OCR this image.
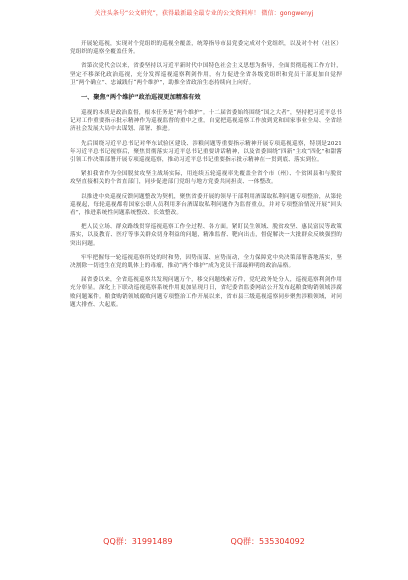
关注头条号“公文研究”，获得最新最全最专业的公文资料库！ 微信：gongwenyj

开展轮巡视，实现对个党组织的巡视全覆盖，统筹指导市县党委完成对个党组织，以及对个村（社区）党组织的巡察全覆盖任务。

省第次党代会以来，省委坚持以习近平新时代中国特色社会主义思想为指导，全面贯彻巡视工作方针，坚定不移深化政治巡视，充分发挥巡视巡察利剑作用，有力促进全省各级党组织和党员干部更加自觉捍卫“两个确立”、忠诚践行“两个维护”，助推全省政治生态持续向上向好。

一、聚焦“两个维护”政治巡视更加精准有效

巡视的本质是政治监督，根本任务是“两个维护”。十二届省委始终围绕“国之大者”，坚持把习近平总书记对工作重要指示批示精神作为巡视监督的重中之重，自觉把巡视巡察工作放到党和国家事业全局、全省经济社会发展大局中去谋划、部署、推进。

先后围绕习近平总书记对华东试验区建设、涉粮问题等重要指示精神开展专项巡视巡察，特别是2021年习近平总书记视察后，聚焦贯彻落实习近平总书记重要讲话精神，以及省委围绕“四新”主攻“四化”和甜酱引领工作决策部署开展专项巡视巡察，推动习近平总书记重要指示批示精神在一贯到底、落实到位。

紧扣我省作为全国脱贫攻坚主战场实际，用连续五轮巡视率先覆盖全省个市（州）、个贫困县和与脱贫攻坚直接相关的个省直部门，同步促进部门党组与地方党委共同担责、一体整改。

以推进中央巡视反馈问题整改为契机，聚焦省委开展的领导干部利用酒谋取私利问题专项整治，从第轮巡视起，每轮巡视都将国家公职人员利用茅台酒谋取私利问题作为监督重点，并对专项整治情况开展“回头看”，推进系统性问题系统整改、长效整改。

把人民立场、群众路线贯穿巡视巡察工作全过程、各方面。紧盯民生领域、脱贫攻坚、惠民富民等政策落实，以及教育、医疗等事关群众切身利益的问题，精准监督、靶向出击，督促解决一大批群众反映强烈的突出问题。

牢牢把握每一轮巡视巡察所处的时和势，因势而谋、应势而动，全力保障党中央决策部署落地落实，坚决割除一切违生在党的肌体上的毒瘤，推动“两个维护”成为党员干部最鲜明的政治品格。

届省委以来，全省巡视巡察共发现问题万个，移交问题线索万件，党纪政务处分人，巡视巡察利剑作用充分彰显。深化上下联动巡视巡察系统作用更加显现月日，省纪委省监委网站公开发布起粮食购销领域涉腐败问题案件。粮食购销领域腐败问题专项整治工作开展以来，省市县三级巡视巡察同步聚焦涉粮领域，对问题大排查、大起底。

QQ群：31991489	QQ群：535304092
